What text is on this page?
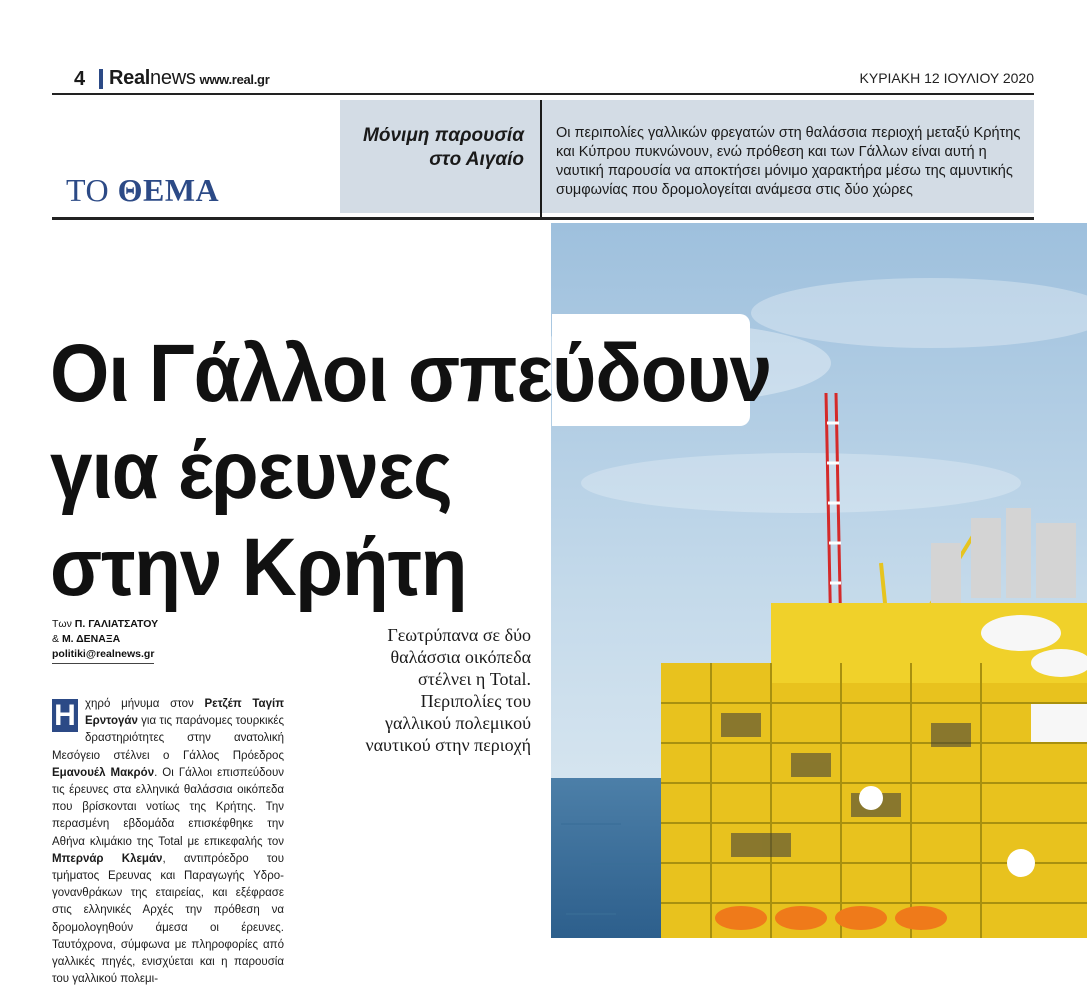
4 Realnews www.real.gr	ΚΥΡΙΑΚΗ 12 ΙΟΥΛΙΟΥ 2020
ΤΟ ΘΕΜΑ
Μόνιμη παρουσία
στο Αιγαίο
Οι περιπολίες γαλλικών φρεγατών στη θαλάσσια περιοχή μεταξύ Κρήτης και Κύπρου πυκνώνουν, ενώ πρόθεση και των Γάλλων είναι αυτή η ναυτική παρουσία να αποκτήσει μόνιμο χαρακτήρα μέσω της αμυντικής συμφωνίας που δρομολογείται ανάμεσα στις δύο χώρες
Οι Γάλλοι σπεύδουν
για έρευνες
στην Κρήτη
Των Π. ΓΑΛΙΑΤΣΑΤΟΥ
& Μ. ΔΕΝΑΞΑ
politiki@realnews.gr
Γεωτρύπανα σε δύο
θαλάσσια οικόπεδα
στέλνει η Total.
Περιπολίες του
γαλλικού πολεμικού
ναυτικού στην περιοχή
Η χηρό μήνυμα στον Ρετζέπ Ταγίπ Ερντογάν για τις παράνομες τουρκικές δραστηριότητες στην ανατολική Μεσόγειο στέλνει ο Γάλλος Πρόεδρος Εμανουέλ Μακρόν. Οι Γάλλοι επισπεύδουν τις έρευνες στα ελληνικά θαλάσσια οικόπεδα που βρίσκονται νοτίως της Κρήτης. Την περασμένη εβδομάδα επισκέφθηκε την Αθήνα κλιμάκιο της Total με επικεφαλής τον Μπερνάρ Κλεμάν, αντιπρόεδρο του τμήματος Ερευνας και Παραγωγής Υδρογονανθράκων της εταιρείας, και εξέφρασε στις ελληνικές Αρχές την πρόθεση να δρομολογηθούν άμεσα οι έρευνες. Ταυτόχρονα, σύμφωνα με πληροφορίες από γαλλικές πηγές, ενισχύεται και η παρουσία του γαλλικού πολεμι-
